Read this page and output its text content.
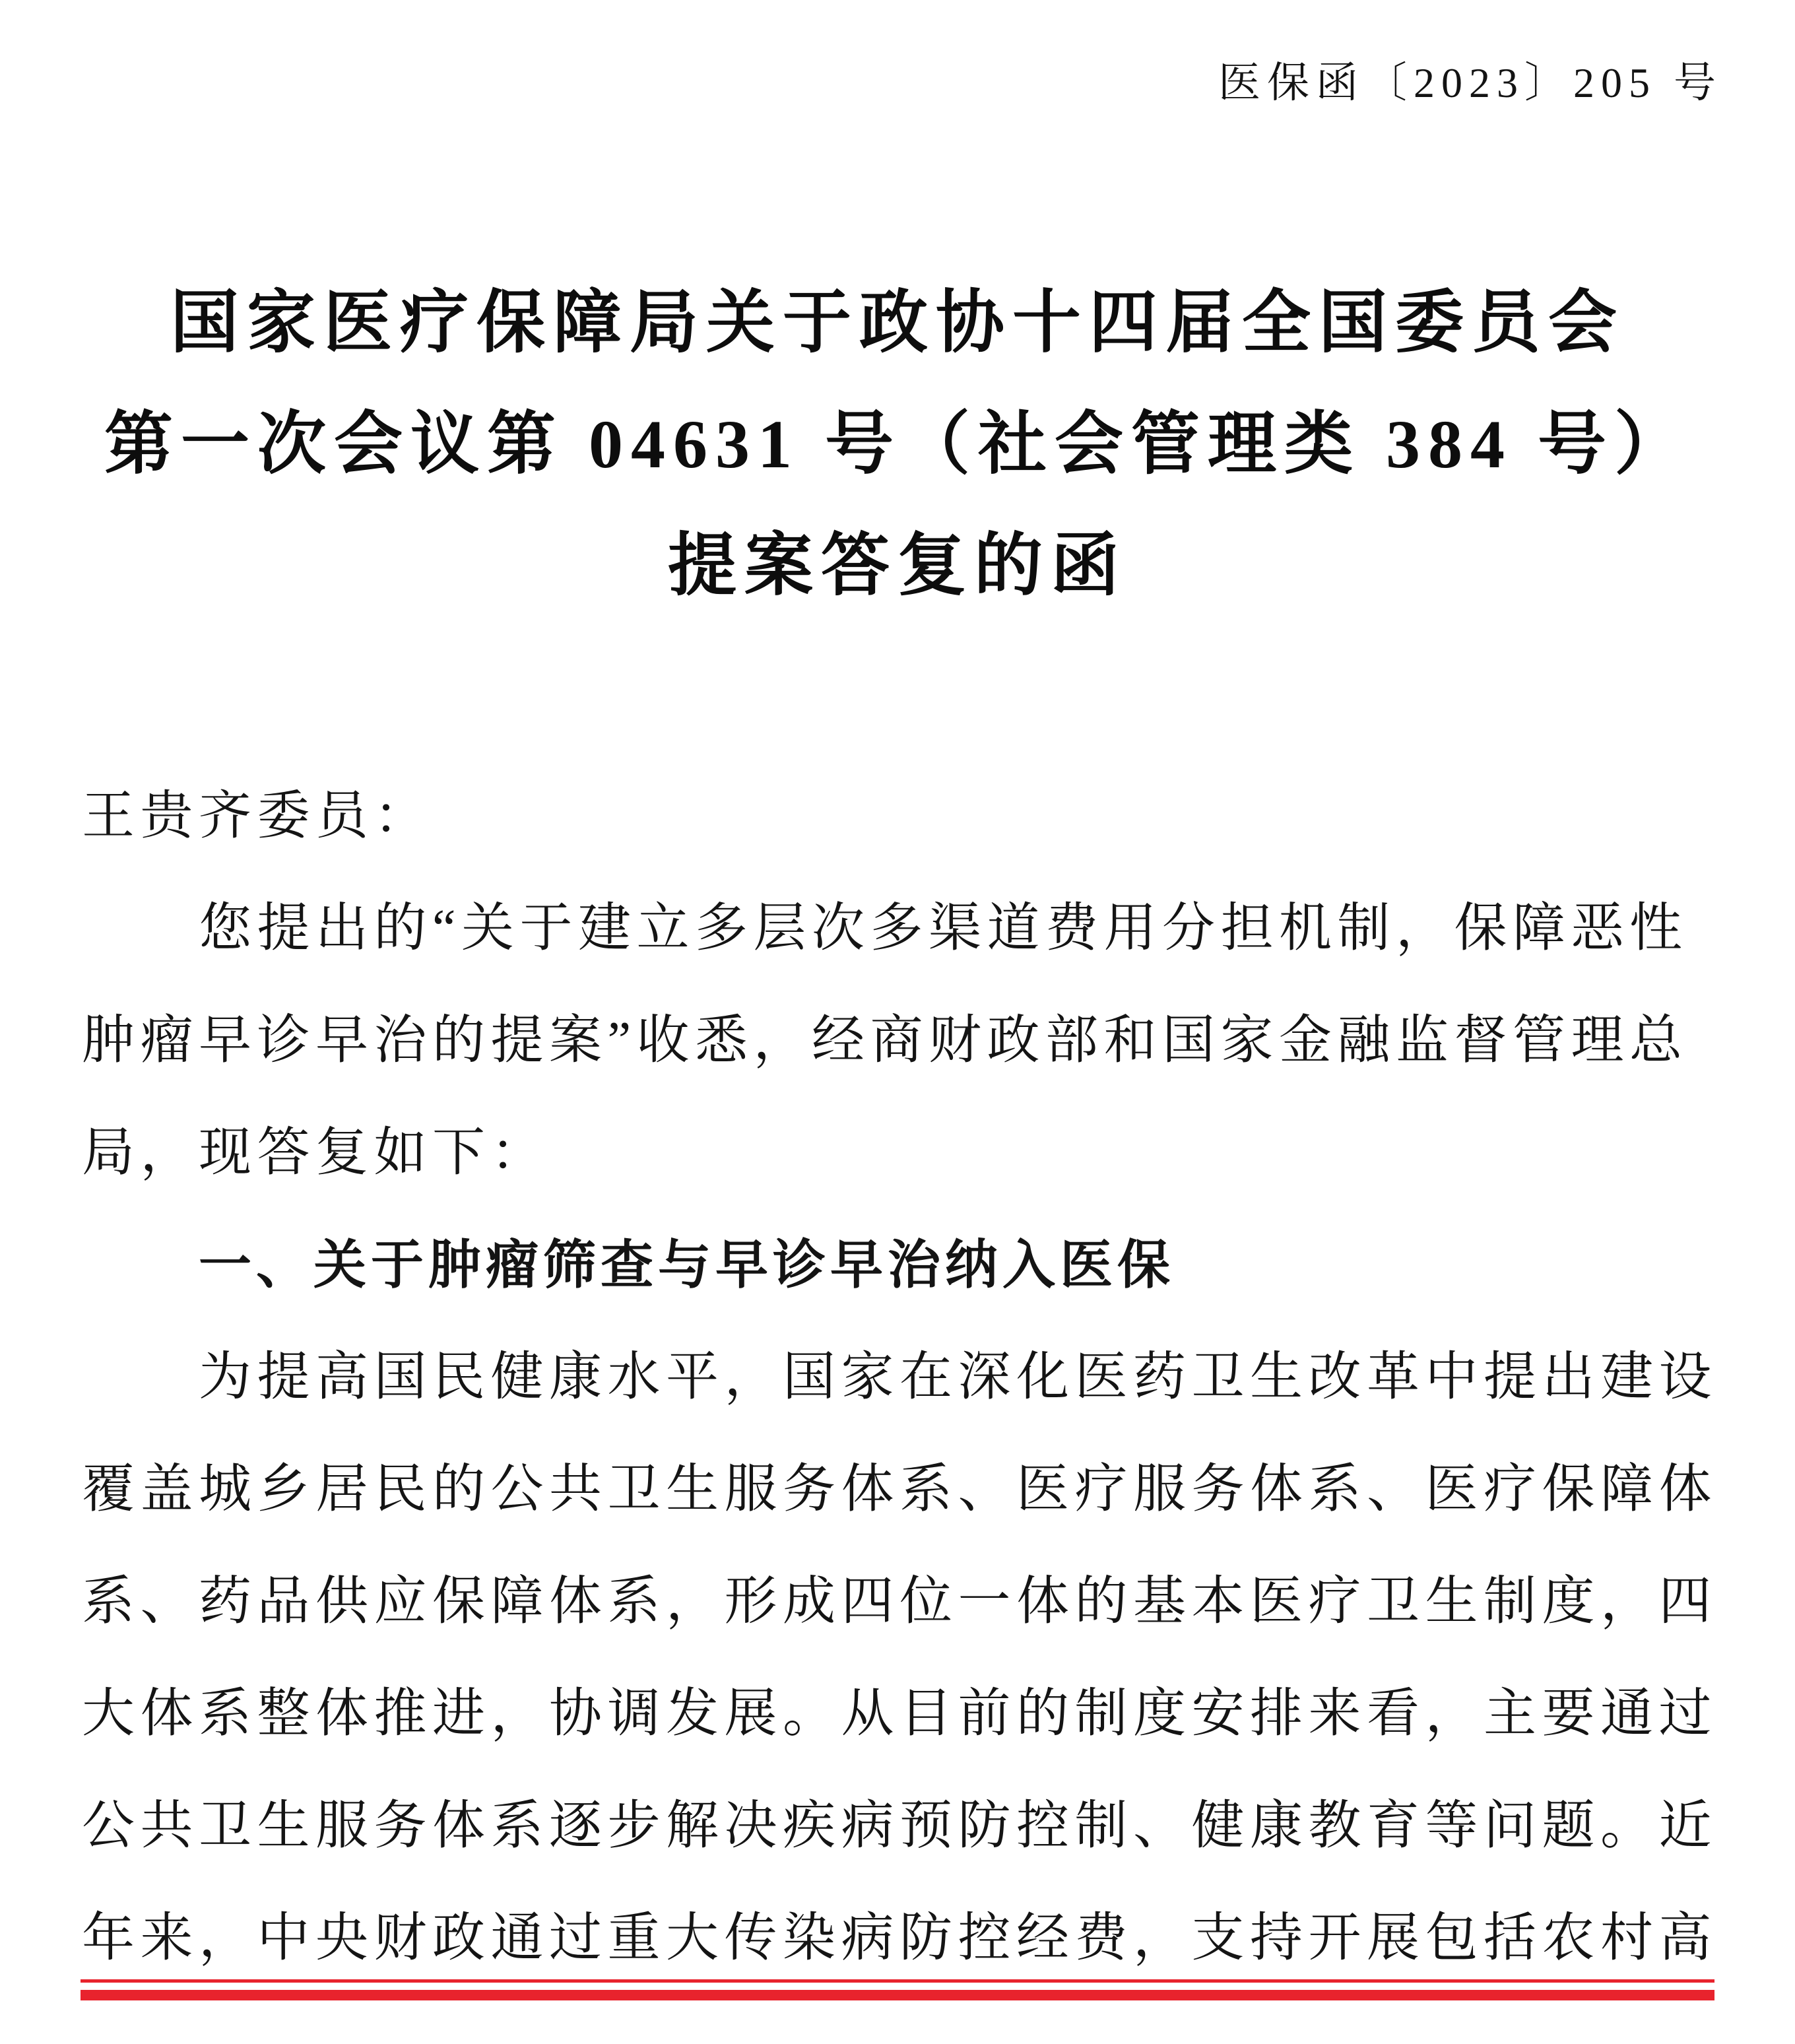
医保函〔2023〕205 号
国家医疗保障局关于政协十四届全国委员会
第一次会议第 04631 号（社会管理类 384 号）
提案答复的函
王贵齐委员：
您提出的“关于建立多层次多渠道费用分担机制，保障恶性
肿瘤早诊早治的提案”收悉，经商财政部和国家金融监督管理总
局，现答复如下：
一、关于肿瘤筛查与早诊早治纳入医保
为提高国民健康水平，国家在深化医药卫生改革中提出建设
覆盖城乡居民的公共卫生服务体系、医疗服务体系、医疗保障体
系、药品供应保障体系，形成四位一体的基本医疗卫生制度，四
大体系整体推进，协调发展。从目前的制度安排来看，主要通过
公共卫生服务体系逐步解决疾病预防控制、健康教育等问题。近
年来，中央财政通过重大传染病防控经费，支持开展包括农村高
